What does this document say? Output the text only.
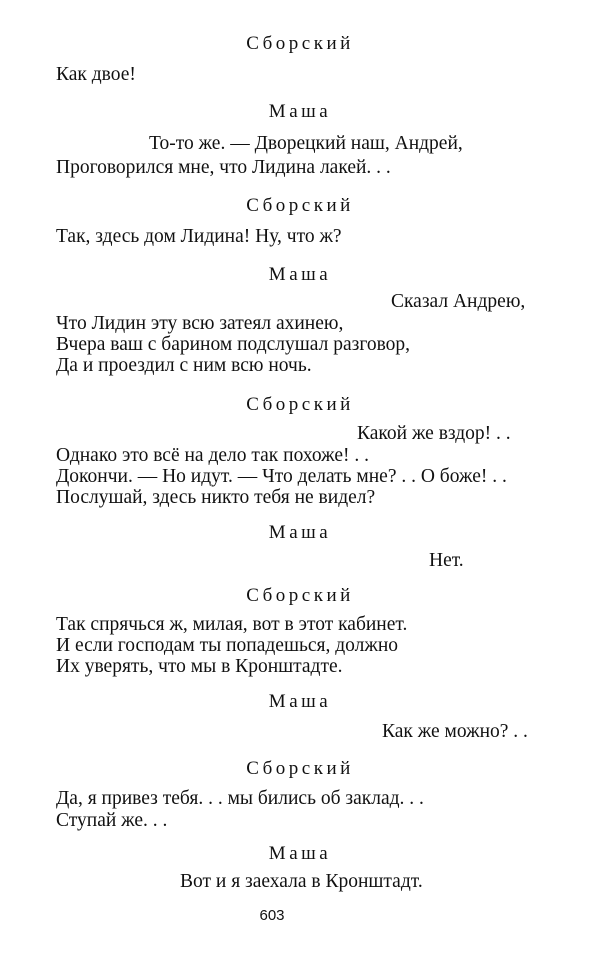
Сборский
Как двое!
Маша
То-то же. — Дворецкий наш, Андрей,
Проговорился мне, что Лидина лакей. . .
Сборский
Так, здесь дом Лидина! Ну, что ж?
Маша
Сказал Андрею,
Что Лидин эту всю затеял ахинею,
Вчера ваш с барином подслушал разговор,
Да и проездил с ним всю ночь.
Сборский
Какой же вздор! . .
Однако это всё на дело так похоже! . .
Докончи. — Но идут. — Что делать мне? . . О боже! . .
Послушай, здесь никто тебя не видел?
Маша
Нет.
Сборский
Так спрячься ж, милая, вот в этот кабинет.
И если господам ты попадешься, должно
Их уверять, что мы в Кронштадте.
Маша
Как же можно? . .
Сборский
Да, я привез тебя. . . мы бились об заклад. . .
Ступай же. . .
Маша
Вот и я заехала в Кронштадт.
603
